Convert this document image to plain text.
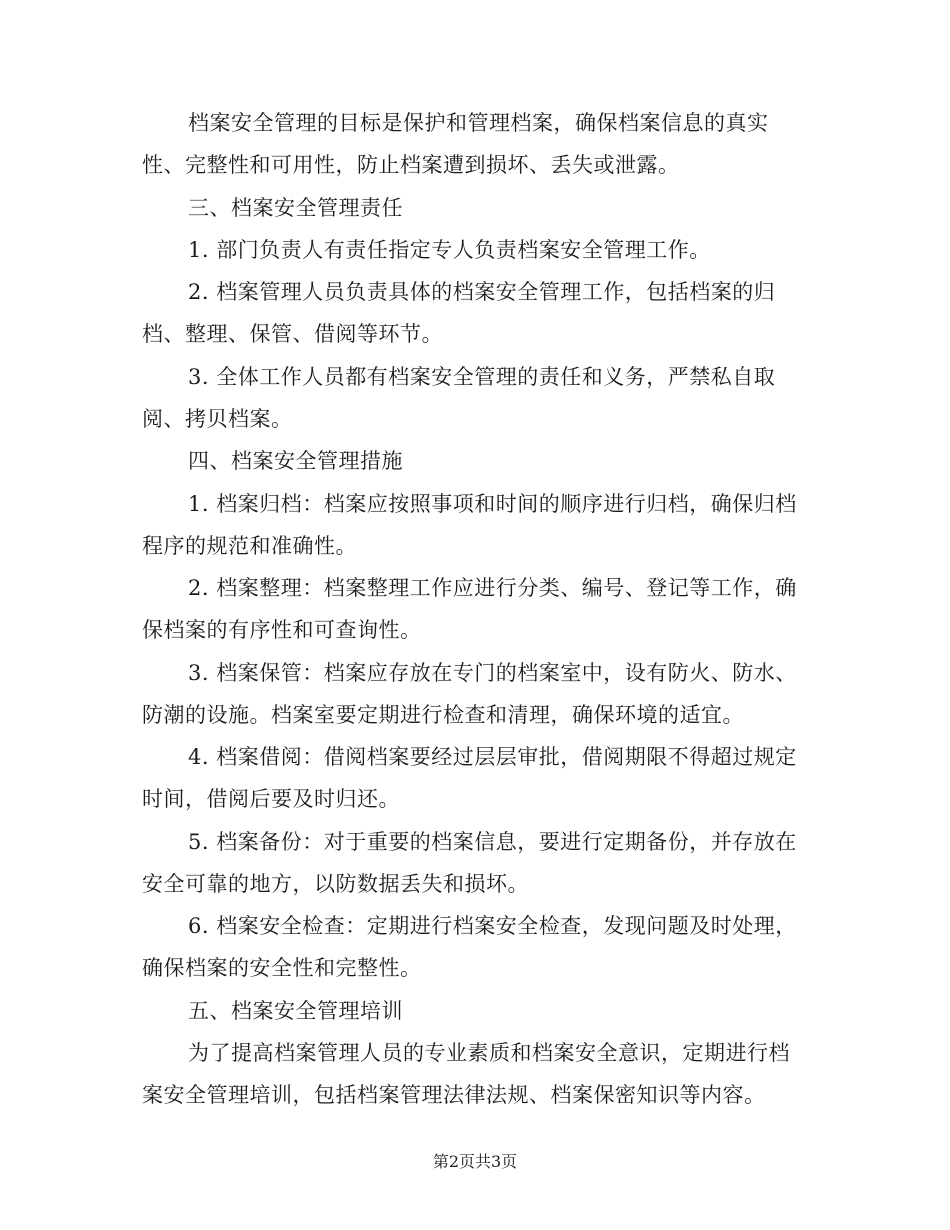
档案安全管理的目标是保护和管理档案，确保档案信息的真实
性、完整性和可用性，防止档案遭到损坏、丢失或泄露。
三、档案安全管理责任
1. 部门负责人有责任指定专人负责档案安全管理工作。
2. 档案管理人员负责具体的档案安全管理工作，包括档案的归
档、整理、保管、借阅等环节。
3. 全体工作人员都有档案安全管理的责任和义务，严禁私自取
阅、拷贝档案。
四、档案安全管理措施
1. 档案归档：档案应按照事项和时间的顺序进行归档，确保归档
程序的规范和准确性。
2. 档案整理：档案整理工作应进行分类、编号、登记等工作，确
保档案的有序性和可查询性。
3. 档案保管：档案应存放在专门的档案室中，设有防火、防水、
防潮的设施。档案室要定期进行检查和清理，确保环境的适宜。
4. 档案借阅：借阅档案要经过层层审批，借阅期限不得超过规定
时间，借阅后要及时归还。
5. 档案备份：对于重要的档案信息，要进行定期备份，并存放在
安全可靠的地方，以防数据丢失和损坏。
6. 档案安全检查：定期进行档案安全检查，发现问题及时处理，
确保档案的安全性和完整性。
五、档案安全管理培训
为了提高档案管理人员的专业素质和档案安全意识，定期进行档
案安全管理培训，包括档案管理法律法规、档案保密知识等内容。
第2页共3页
